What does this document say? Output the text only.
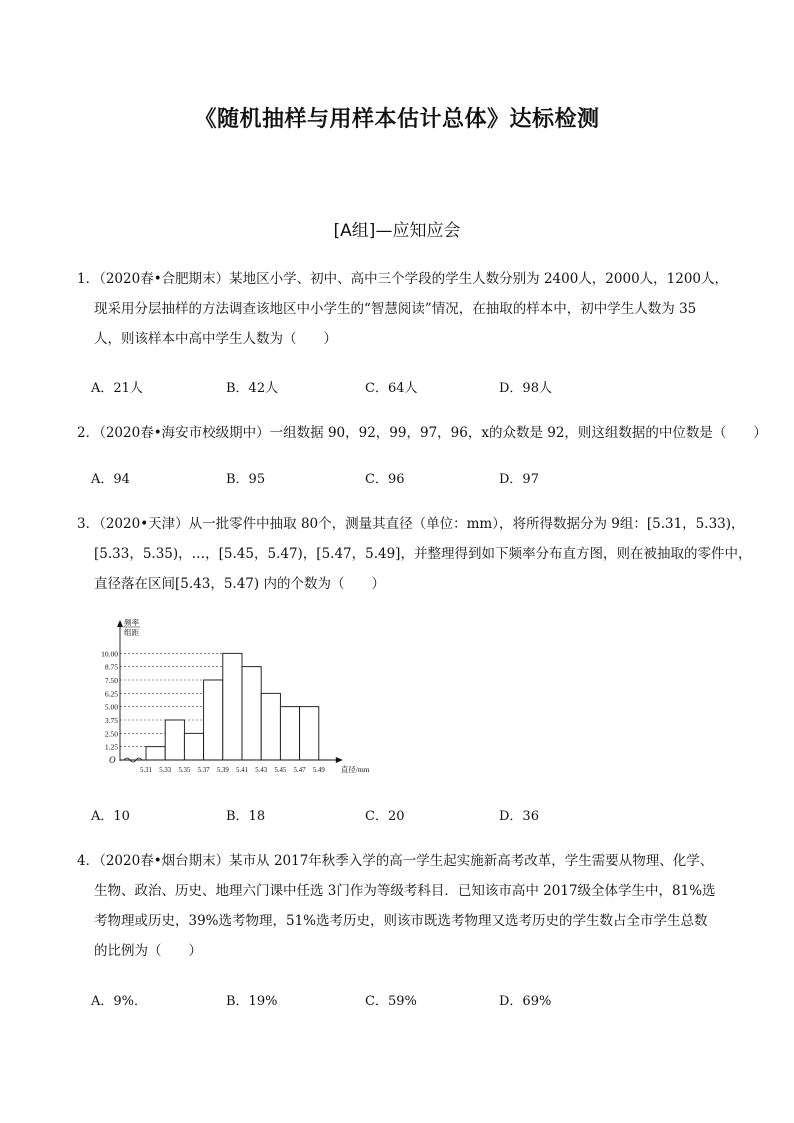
《随机抽样与用样本估计总体》达标检测
[A组]—应知应会
1．（2020春•合肥期末）某地区小学、初中、高中三个学段的学生人数分别为 2400人，2000人，1200人，
现采用分层抽样的方法调查该地区中小学生的“智慧阅读”情况，在抽取的样本中，初中学生人数为 35
人，则该样本中高中学生人数为（　　）
A．21人	B．42人	C．64人	D．98人
2．（2020春•海安市校级期中）一组数据 90，92，99，97，96，x的众数是 92，则这组数据的中位数是（　　）
A．94	B．95	C．96	D．97
3．（2020•天津）从一批零件中抽取 80个，测量其直径（单位：mm），将所得数据分为 9组：[5.31，5.33)，
[5.33，5.35)，…，[5.45，5.47)，[5.47，5.49]，并整理得到如下频率分布直方图，则在被抽取的零件中，
直径落在区间[5.43，5.47) 内的个数为（　　）
1.25
2.50
3.75
5.00
6.25
7.50
8.75
10.00
O
频率
组距
5.31 5.33 5.35 5.37 5.39 5.41 5.43 5.45 5.47 5.49 直径/mm
A．10	B．18	C．20	D．36
4．（2020春•烟台期末）某市从 2017年秋季入学的高一学生起实施新高考改革，学生需要从物理、化学、
生物、政治、历史、地理六门课中任选 3门作为等级考科目．已知该市高中 2017级全体学生中，81%选
考物理或历史，39%选考物理，51%选考历史，则该市既选考物理又选考历史的学生数占全市学生总数
的比例为（　　）
A．9%．	B．19%	C．59%	D．69%
